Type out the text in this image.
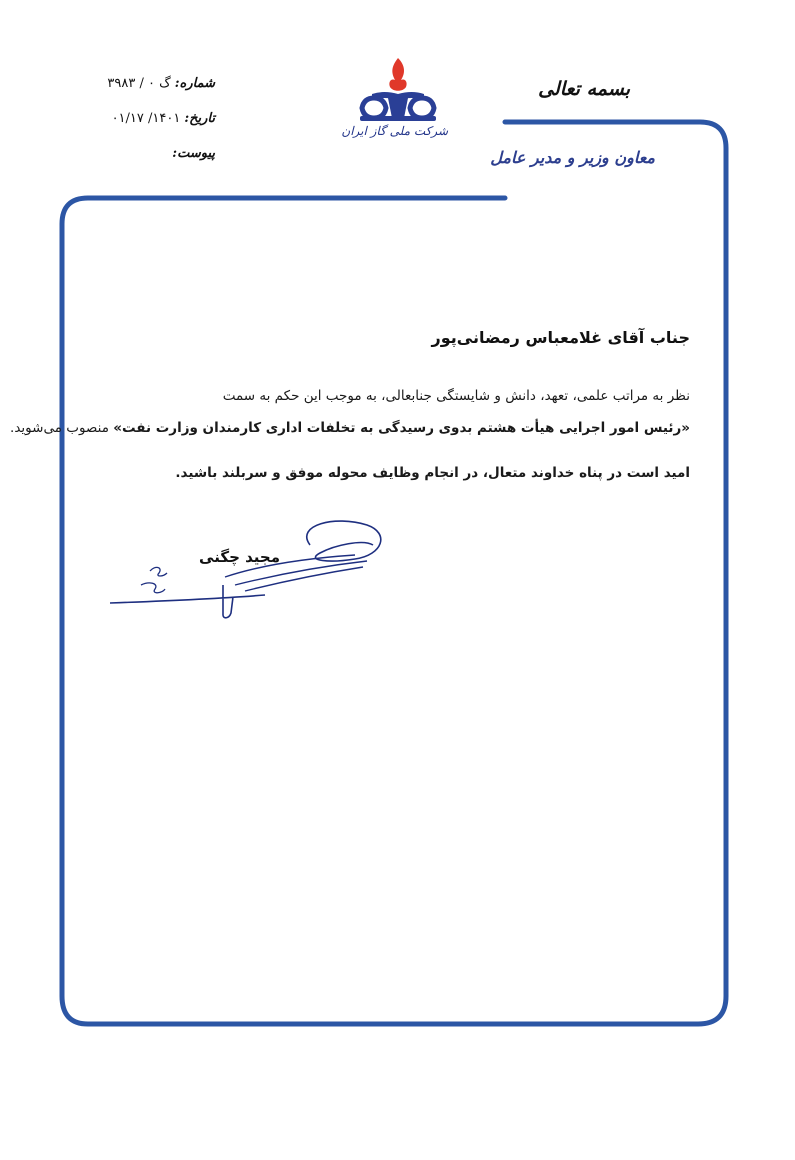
بسمه تعالی
معاون وزیر و مدیر عامل
شرکت ملی گاز ایران
شماره:
گ ۰ / ۳۹۸۳
تاریخ:
۱۴۰۱/ ۰۱/۱۷
پیوست:
جناب آقای غلامعباس رمضانی‌پور
نظر به مراتب علمی، تعهد، دانش و شایستگی جنابعالی، به موجب این حکم به سمت
«رئیس امور اجرایی هیأت هشتم بدوی رسیدگی به تخلفات اداری کارمندان وزارت نفت» منصوب می‌شوید.
امید است در پناه خداوند متعال، در انجام وظایف محوله موفق و سربلند باشید.
مجید چگنی
